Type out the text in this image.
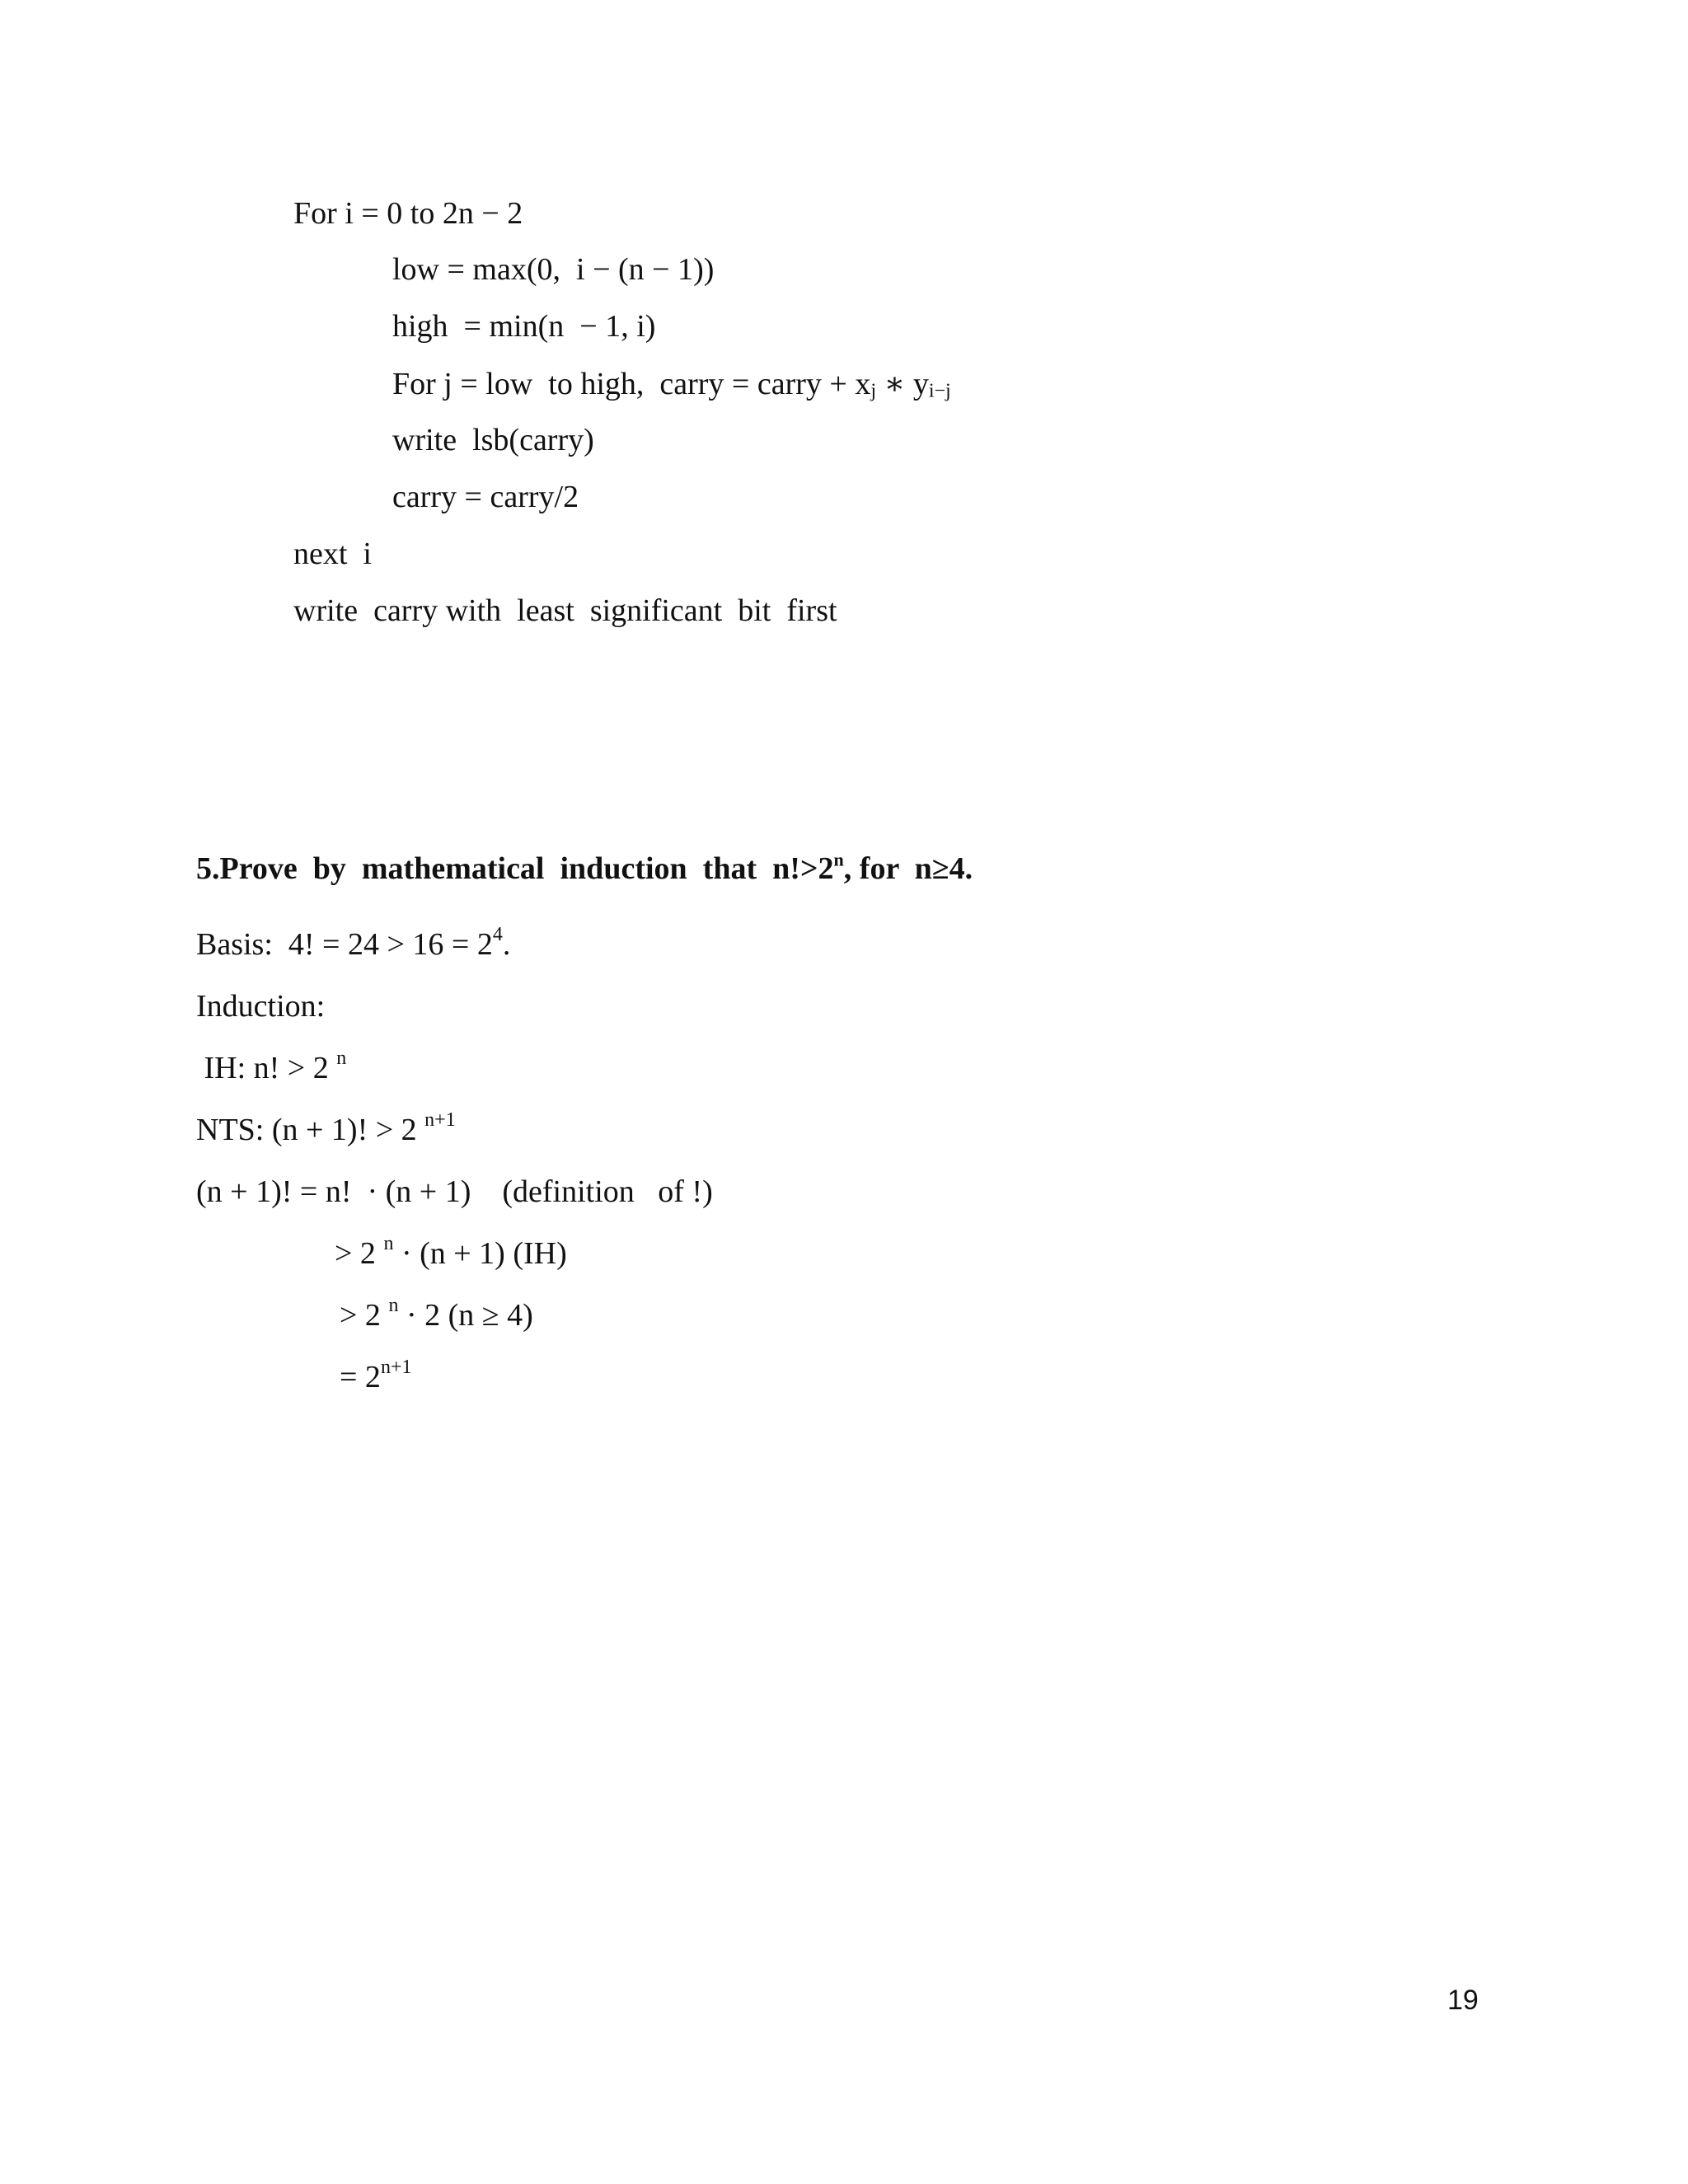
For i = 0 to 2n − 2

low = max(0,  i − (n − 1))

high  = min(n  − 1, i)

For j = low  to high,  carry = carry + $x_j$ ∗ $y_{i-j}$

write  lsb(carry)

carry = carry/2

next  i

write  carry with  least  significant  bit  first

5.Prove  by  mathematical  induction  that  $n!>2^n$, for  n≥4.

Basis:  4! = $24 > 16 = 2^4$.

Induction:

IH: n! > 2 $^n$

NTS: (n + 1)! > 2 $^{n+1}$

(n + 1)! = n!  · (n + 1)    (definition   of !)

> 2 $^n$ · (n + 1) (IH)

> 2 $^n$ · 2 (n ≥ 4)

= $2^{n+1}$

19
